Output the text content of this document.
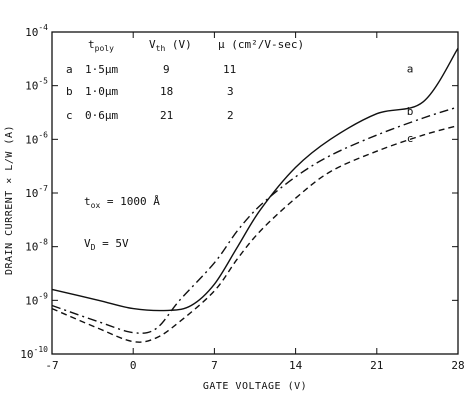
$t_{poly}$	$V_{th}$ (V) μ (cm²/V-sec)
a 1·5μm	9	11
b 1·0μm	18	3
c 0·6μm	21	2
$t_{ox} = 1000$ Å
$V_D = 5V$
GATE VOLTAGE (V)
DRAIN CURRENT × L/W (A)
-7	0	7	14	21	28
$10^{-4}$
$10^{-5}$
$10^{-6}$
$10^{-7}$
$10^{-8}$
$10^{-9}$
$10^{-10}$
a
b
c
